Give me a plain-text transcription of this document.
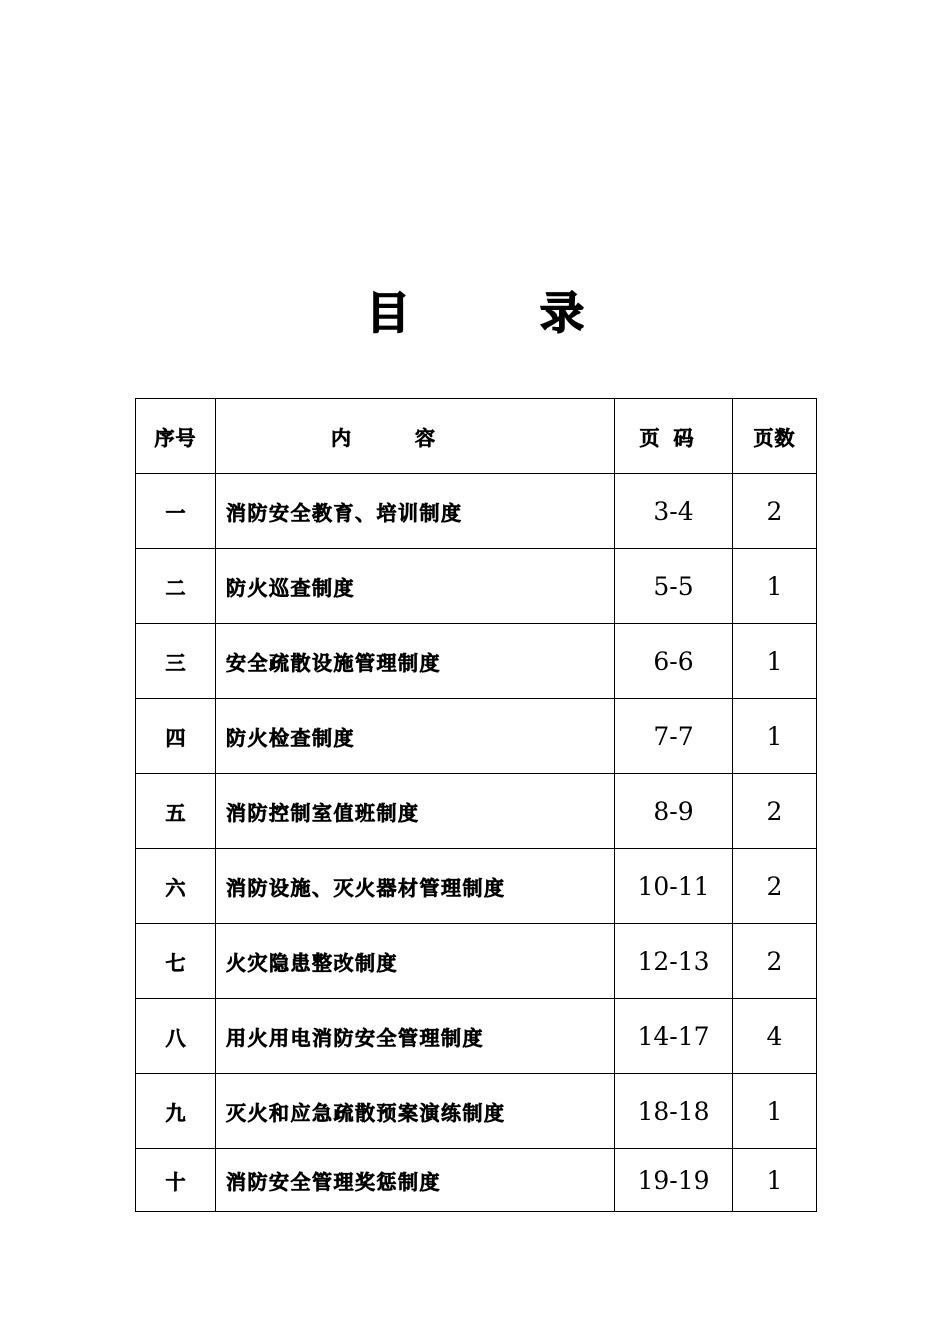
目	录
序号	内容	页码	页数
一	消防安全教育、培训制度	3-4	2
二	防火巡查制度	5-5	1
三	安全疏散设施管理制度	6-6	1
四	防火检查制度	7-7	1
五	消防控制室值班制度	8-9	2
六	消防设施、灭火器材管理制度	10-11	2
七	火灾隐患整改制度	12-13	2
八	用火用电消防安全管理制度	14-17	4
九	灭火和应急疏散预案演练制度	18-18	1
十	消防安全管理奖惩制度	19-19	1
